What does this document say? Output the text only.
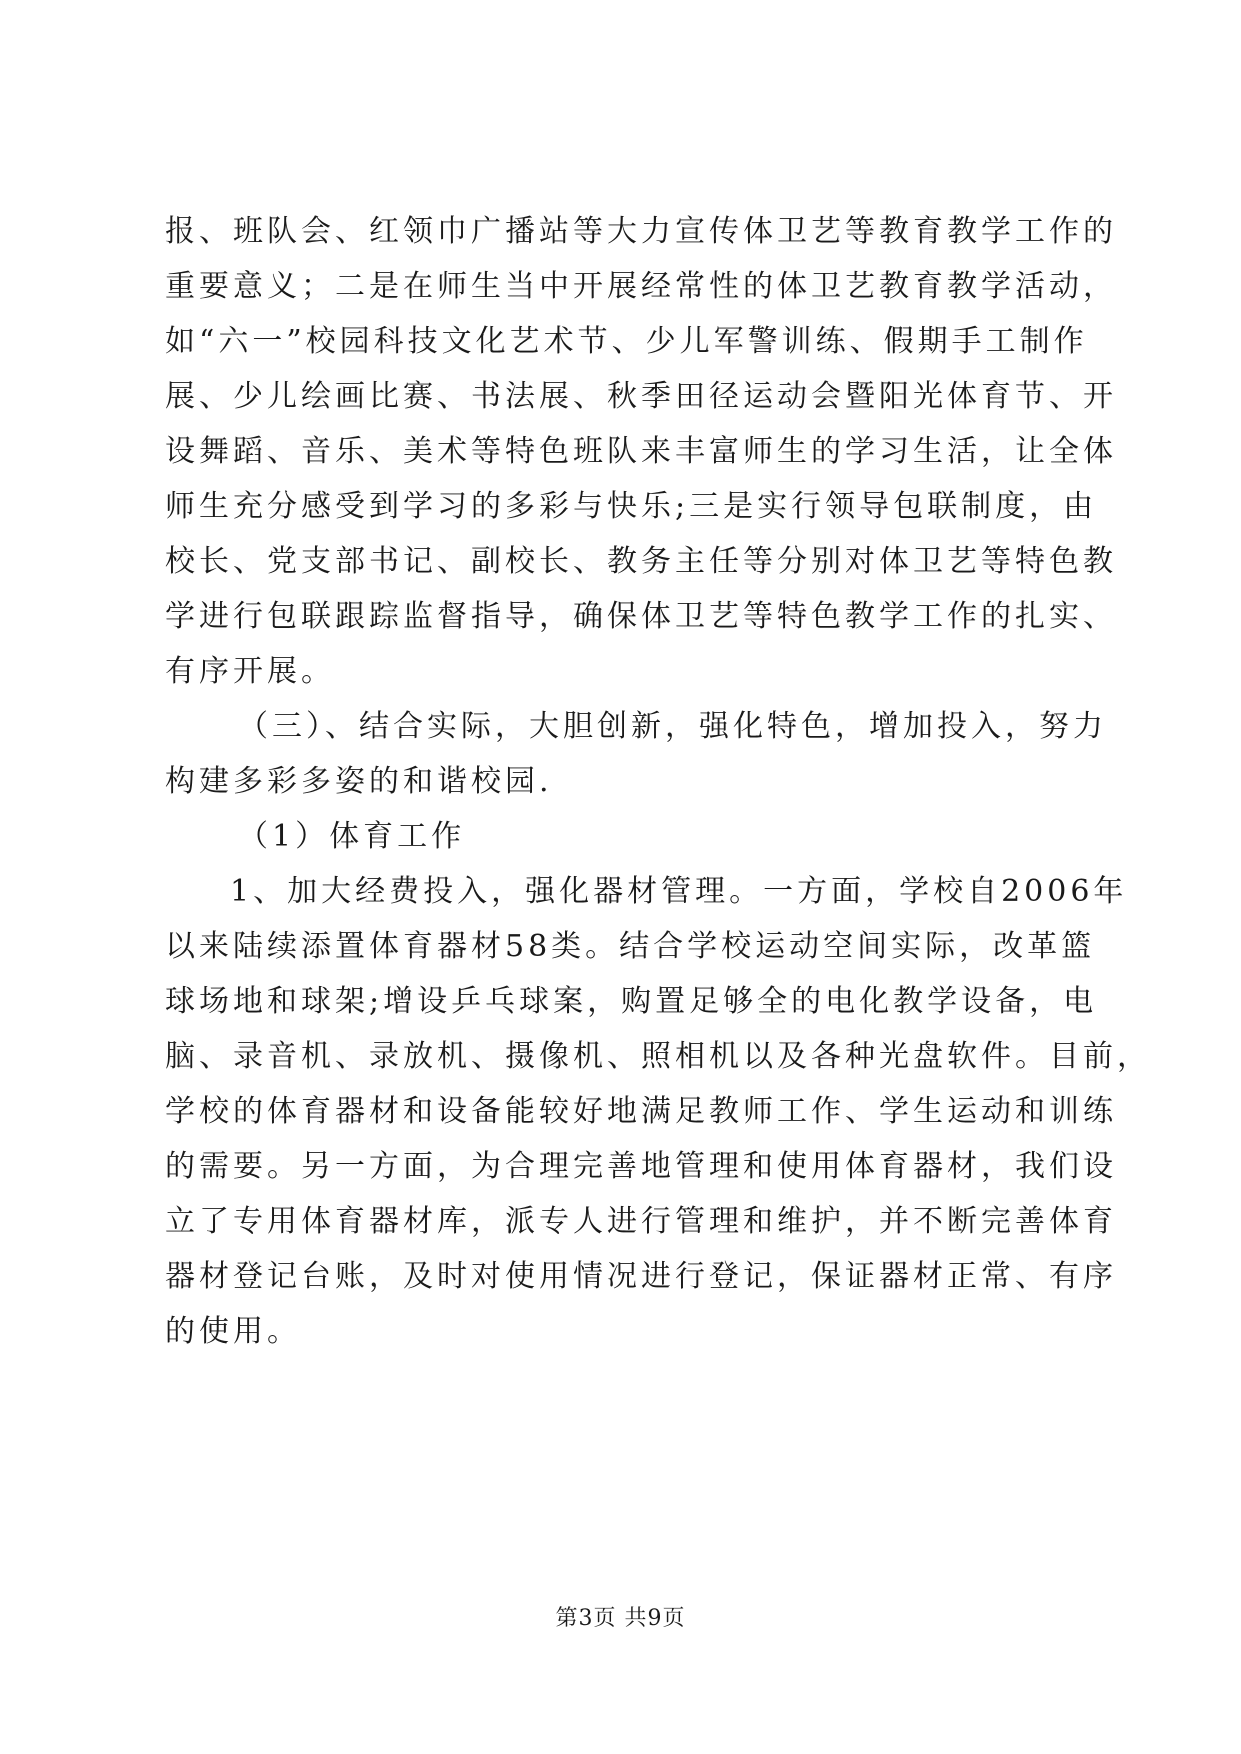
报、班队会、红领巾广播站等大力宣传体卫艺等教育教学工作的
重要意义；二是在师生当中开展经常性的体卫艺教育教学活动，
如“六一”校园科技文化艺术节、少儿军警训练、假期手工制作
展、少儿绘画比赛、书法展、秋季田径运动会暨阳光体育节、开
设舞蹈、音乐、美术等特色班队来丰富师生的学习生活，让全体
师生充分感受到学习的多彩与快乐;三是实行领导包联制度，由
校长、党支部书记、副校长、教务主任等分别对体卫艺等特色教
学进行包联跟踪监督指导，确保体卫艺等特色教学工作的扎实、
有序开展。
（三）、结合实际，大胆创新，强化特色，增加投入，努力
构建多彩多姿的和谐校园.
（1）体育工作
1、加大经费投入，强化器材管理。一方面，学校自2006年
以来陆续添置体育器材58类。结合学校运动空间实际，改革篮
球场地和球架;增设乒乓球案，购置足够全的电化教学设备，电
脑、录音机、录放机、摄像机、照相机以及各种光盘软件。目前，
学校的体育器材和设备能较好地满足教师工作、学生运动和训练
的需要。另一方面，为合理完善地管理和使用体育器材，我们设
立了专用体育器材库，派专人进行管理和维护，并不断完善体育
器材登记台账，及时对使用情况进行登记，保证器材正常、有序
的使用。
第3页 共9页
